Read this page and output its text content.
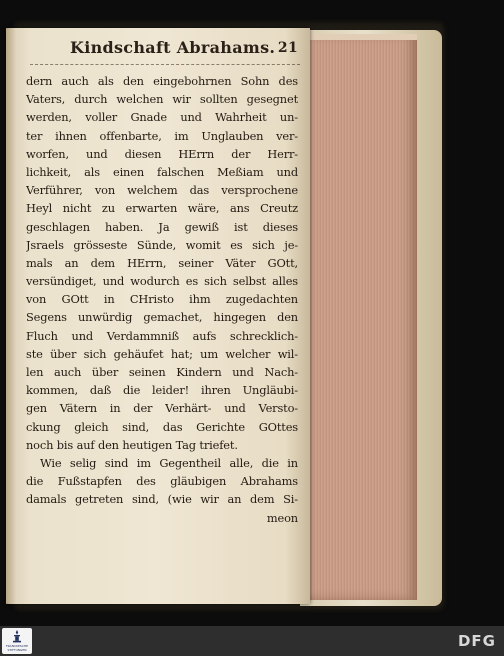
Kindschaft Abrahams. 21
dern auch als den eingebohrnen Sohn des
Vaters, durch welchen wir sollten gesegnet
werden, voller Gnade und Wahrheit un-
ter ihnen offenbarte, im Unglauben ver-
worfen, und diesen HErrn der Herr-
lichkeit, als einen falschen Meßiam und
Verführer, von welchem das versprochene
Heyl nicht zu erwarten wäre, ans Creutz
geschlagen haben. Ja gewiß ist dieses
Jsraels grösseste Sünde, womit es sich je-
mals an dem HErrn, seiner Väter GOtt,
versündiget, und wodurch es sich selbst alles
von GOtt in CHristo ihm zugedachten
Segens unwürdig gemachet, hingegen den
Fluch und Verdammniß aufs schrecklich-
ste über sich gehäufet hat; um welcher wil-
len auch über seinen Kindern und Nach-
kommen, daß die leider! ihren Ungläubi-
gen Vätern in der Verhärt- und Versto-
ckung gleich sind, das Gerichte GOttes
noch bis auf den heutigen Tag triefet.
Wie selig sind im Gegentheil alle, die in
die Fußstapfen des gläubigen Abrahams
damals getreten sind, (wie wir an dem Si-
meon
FRANCKESCHE
STIFTUNGEN	DFG
